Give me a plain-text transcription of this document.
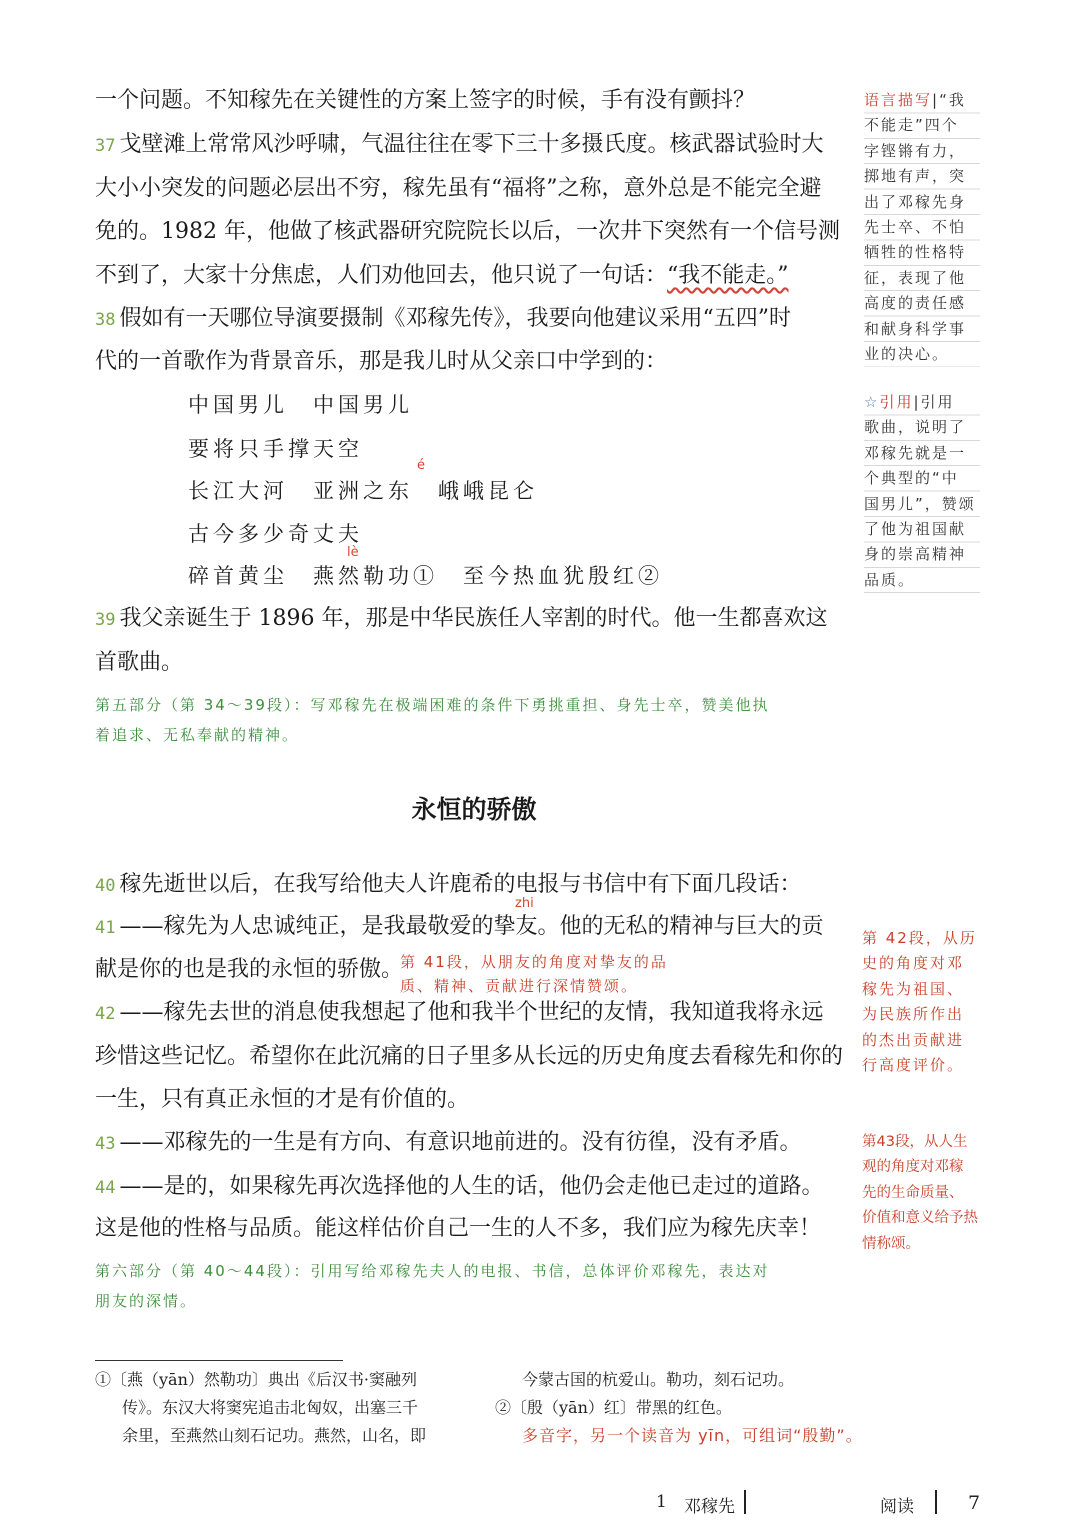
一个问题。不知稼先在关键性的方案上签字的时候，手有没有颤抖？
37 戈壁滩上常常风沙呼啸，气温往往在零下三十多摄氏度。核武器试验时大
大小小突发的问题必层出不穷，稼先虽有“福将”之称，意外总是不能完全避
免的。1982 年，他做了核武器研究院院长以后，一次井下突然有一个信号测
不到了，大家十分焦虑，人们劝他回去，他只说了一句话：“我不能走。”
38 假如有一天哪位导演要摄制《邓稼先传》，我要向他建议采用“五四”时
代的一首歌作为背景音乐，那是我儿时从父亲口中学到的：
中国男儿　中国男儿
要将只手撑天空
é
长江大河　亚洲之东　峨峨昆仑
古今多少奇丈夫
lè
碎首黄尘　燕然勒功①　至今热血犹殷红②
39 我父亲诞生于 1896 年，那是中华民族任人宰割的时代。他一生都喜欢这
首歌曲。
第五部分（第 34～39段）：写邓稼先在极端困难的条件下勇挑重担、身先士卒，赞美他执
着追求、无私奉献的精神。
永恒的骄傲
40 稼先逝世以后，在我写给他夫人许鹿希的电报与书信中有下面几段话：
zhi
41 ——稼先为人忠诚纯正，是我最敬爱的挚友。他的无私的精神与巨大的贡
献是你的也是我的永恒的骄傲。
第 41段，从朋友的角度对挚友的品
质、精神、贡献进行深情赞颂。
42 ——稼先去世的消息使我想起了他和我半个世纪的友情，我知道我将永远
珍惜这些记忆。希望你在此沉痛的日子里多从长远的历史角度去看稼先和你的
一生，只有真正永恒的才是有价值的。
43 ——邓稼先的一生是有方向、有意识地前进的。没有彷徨，没有矛盾。
44 ——是的，如果稼先再次选择他的人生的话，他仍会走他已走过的道路。
这是他的性格与品质。能这样估价自己一生的人不多，我们应为稼先庆幸！
第六部分（第 40～44段）：引用写给邓稼先夫人的电报、书信，总体评价邓稼先，表达对
朋友的深情。
语言描写|“我
不能走”四个
字铿锵有力，
掷地有声，突
出了邓稼先身
先士卒、不怕
牺牲的性格特
征，表现了他
高度的责任感
和献身科学事
业的决心。
☆引用|引用
歌曲，说明了
邓稼先就是一
个典型的“中
国男儿”，赞颂
了他为祖国献
身的崇高精神
品质。
第 42段，从历
史的角度对邓
稼先为祖国、
为民族所作出
的杰出贡献进
行高度评价。
第43段，从人生
观的角度对邓稼
先的生命质量、
价值和意义给予热
情称颂。
①〔燕（yān）然勒功〕典出《后汉书·窦融列
传》。东汉大将窦宪追击北匈奴，出塞三千
余里，至燕然山刻石记功。燕然，山名，即
今蒙古国的杭爱山。勒功，刻石记功。
②〔殷（yān）红〕带黑的红色。
多音字，另一个读音为 yīn，可组词“殷勤”。
1 邓稼先	阅读	7
